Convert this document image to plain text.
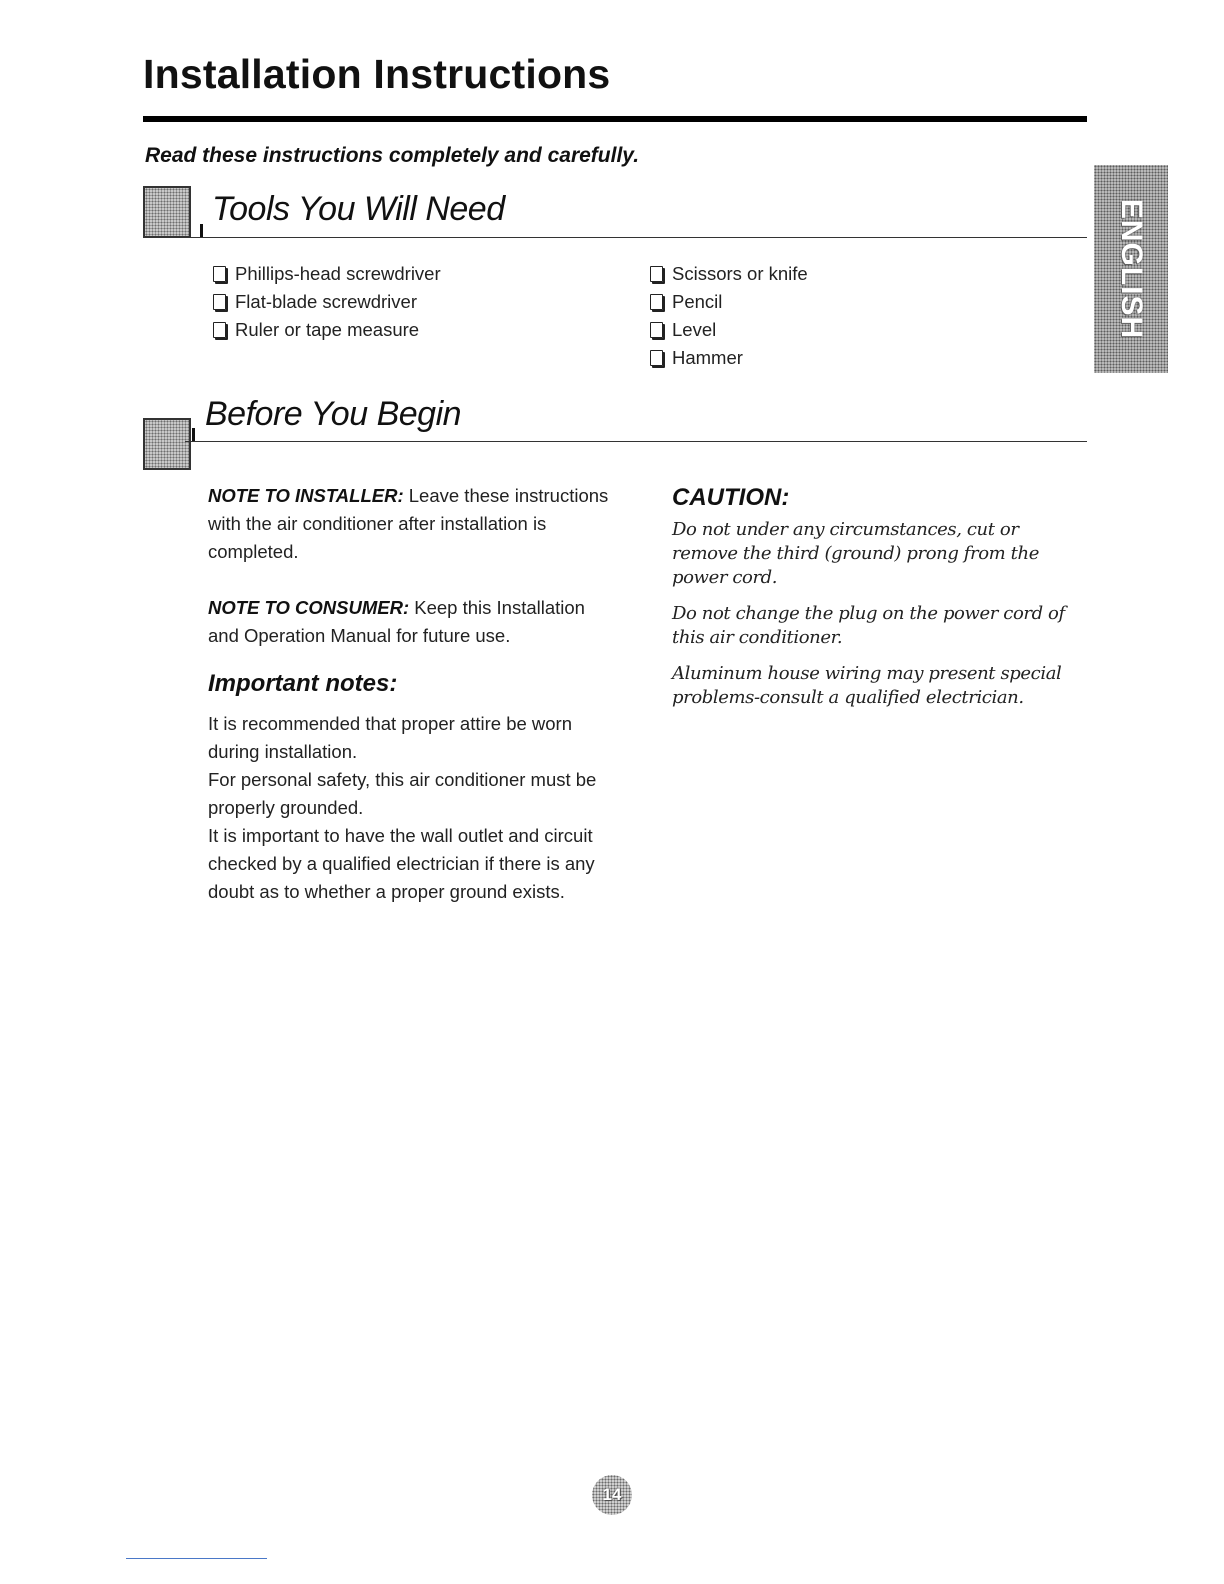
Installation Instructions

Read these instructions completely and carefully.

ENGLISH
Tools You Will Need
Phillips-head screwdriver
Flat-blade screwdriver
Ruler or tape measure
Scissors or knife
Pencil
Level
Hammer
Before You Begin

NOTE TO INSTALLER: Leave these instructions with the air conditioner after installation is completed.

NOTE TO CONSUMER: Keep this Installation and Operation Manual for future use.

Important notes:

It is recommended that proper attire be worn during installation.

For personal safety, this air conditioner must be properly grounded.

It is important to have the wall outlet and circuit checked by a qualified electrician if there is any doubt as to whether a proper ground exists.

CAUTION:

Do not under any circumstances, cut or remove the third (ground) prong from the power cord.

Do not change the plug on the power cord of this air conditioner.

Aluminum house wiring may present special problems-consult a qualified electrician.

14
